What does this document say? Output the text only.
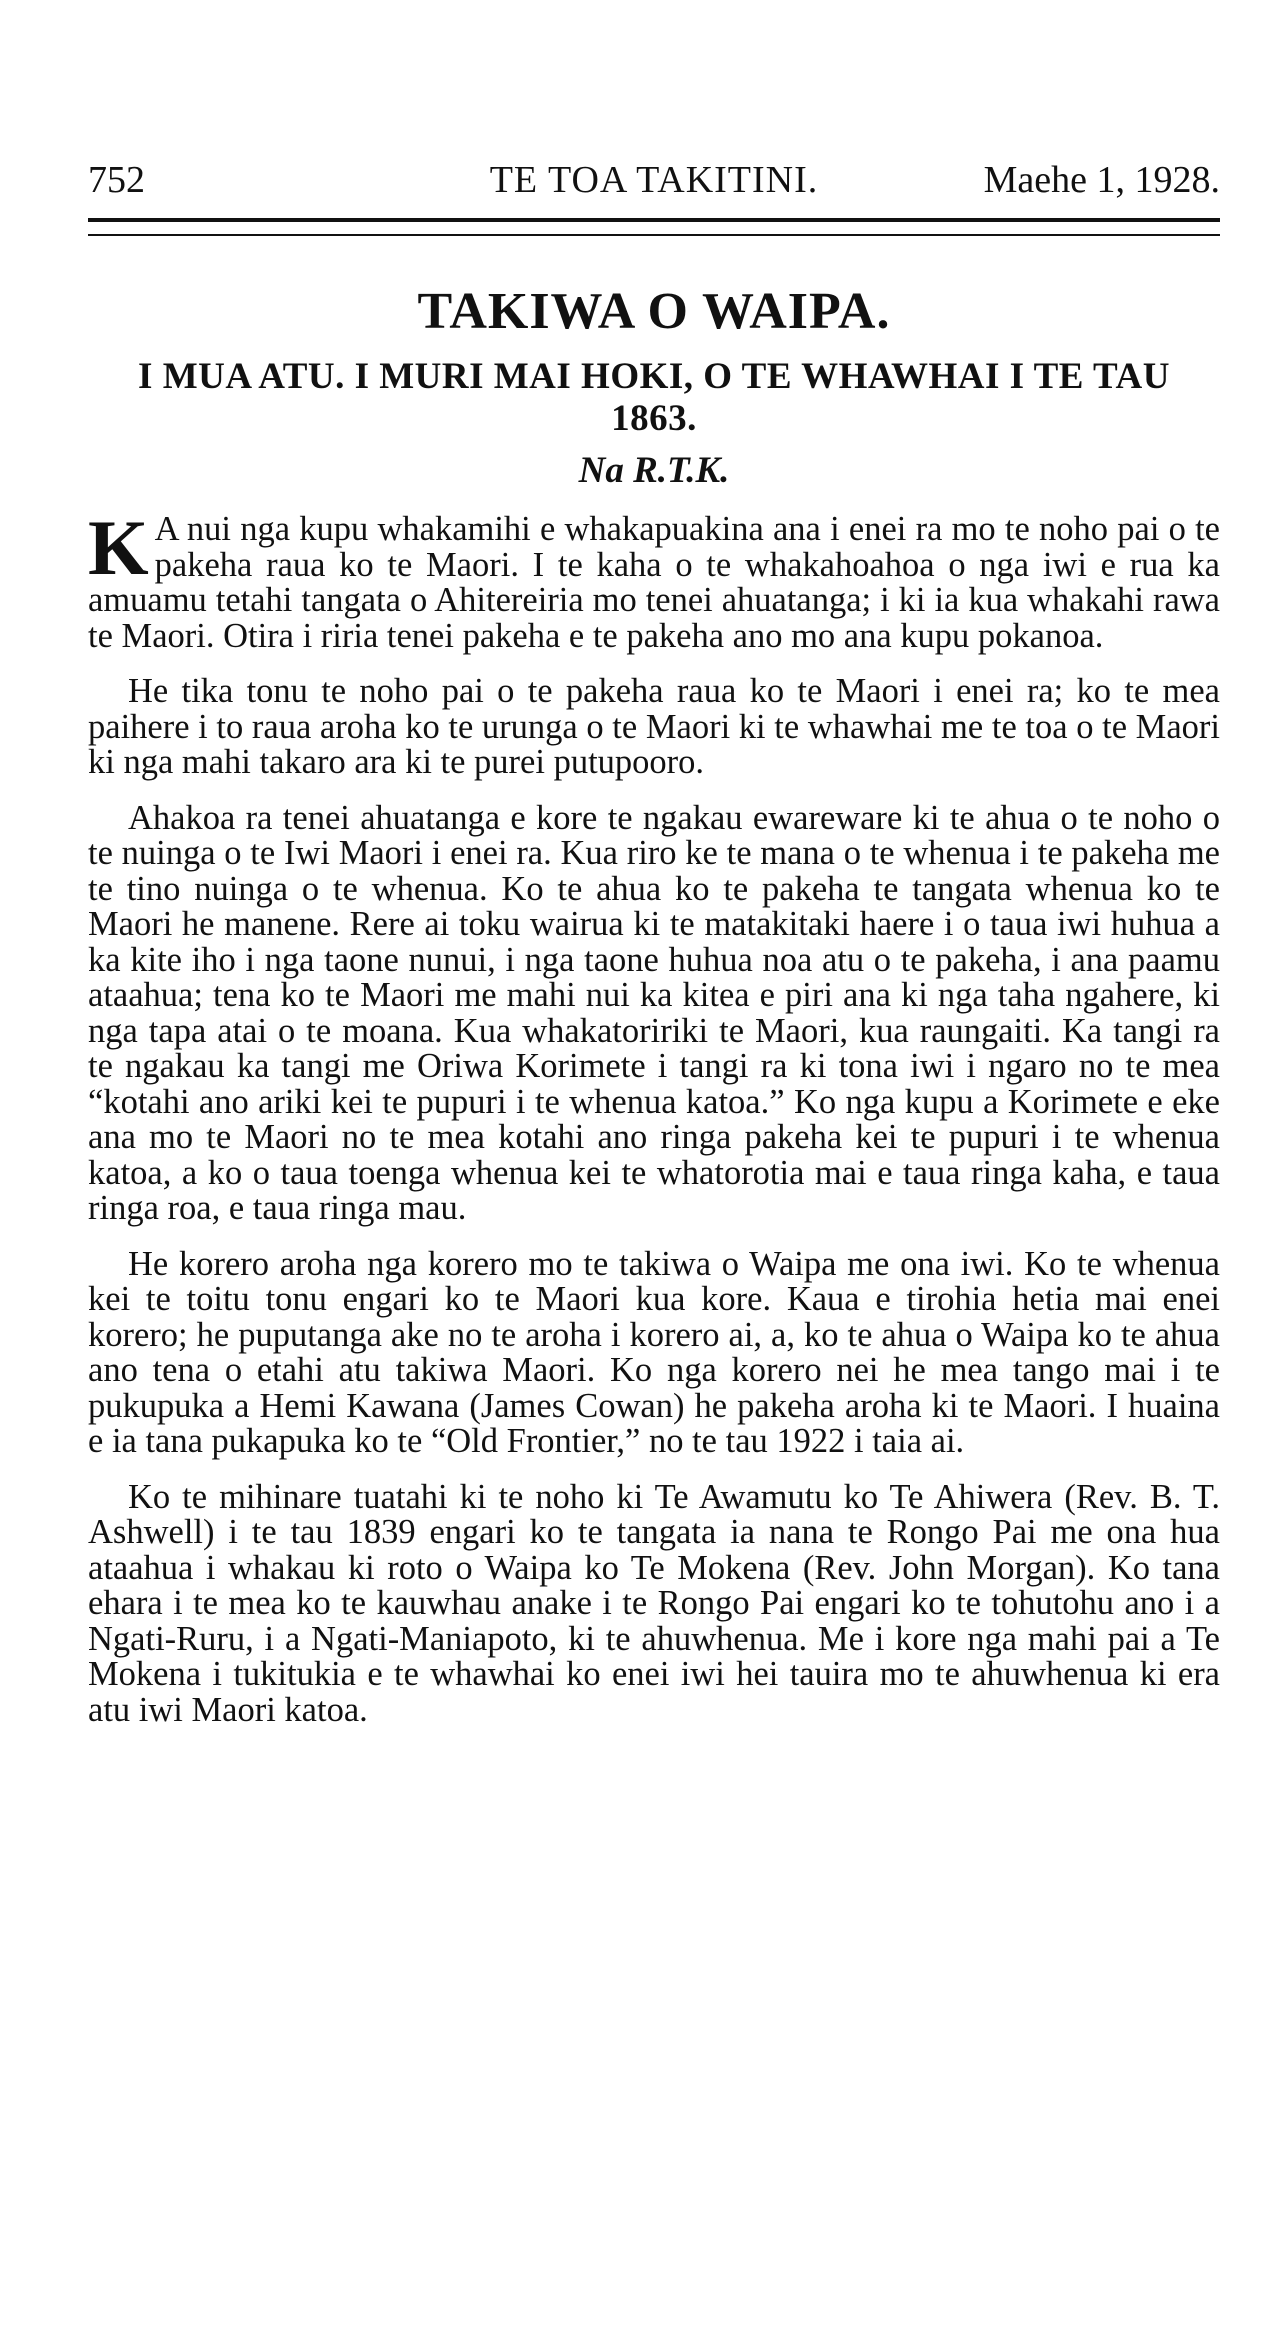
752	TE TOA TAKITINI.	Maehe 1, 1928.
TAKIWA O WAIPA.
I MUA ATU. I MURI MAI HOKI, O TE WHAWHAI I TE TAU 1863.
Na R.T.K.

K A nui nga kupu whakamihi e whakapuakina ana i enei ra mo te noho pai o te pakeha raua ko te Maori. I te kaha o te whakahoahoa o nga iwi e rua ka amuamu tetahi tangata o Ahitereiria mo tenei ahuatanga; i ki ia kua whakahi rawa te Maori. Otira i riria tenei pakeha e te pakeha ano mo ana kupu pokanoa.

He tika tonu te noho pai o te pakeha raua ko te Maori i enei ra; ko te mea paihere i to raua aroha ko te urunga o te Maori ki te whawhai me te toa o te Maori ki nga mahi takaro ara ki te purei putupooro.

Ahakoa ra tenei ahuatanga e kore te ngakau ewareware ki te ahua o te noho o te nuinga o te Iwi Maori i enei ra. Kua riro ke te mana o te whenua i te pakeha me te tino nuinga o te whenua. Ko te ahua ko te pakeha te tangata whenua ko te Maori he manene. Rere ai toku wairua ki te matakitaki haere i o taua iwi huhua a ka kite iho i nga taone nunui, i nga taone huhua noa atu o te pakeha, i ana paamu ataahua; tena ko te Maori me mahi nui ka kitea e piri ana ki nga taha ngahere, ki nga tapa atai o te moana. Kua whakatoririki te Maori, kua raungaiti. Ka tangi ra te ngakau ka tangi me Oriwa Korimete i tangi ra ki tona iwi i ngaro no te mea “kotahi ano ariki kei te pupuri i te whenua katoa.” Ko nga kupu a Korimete e eke ana mo te Maori no te mea kotahi ano ringa pakeha kei te pupuri i te whenua katoa, a ko o taua toenga whenua kei te whatorotia mai e taua ringa kaha, e taua ringa roa, e taua ringa mau.

He korero aroha nga korero mo te takiwa o Waipa me ona iwi. Ko te whenua kei te toitu tonu engari ko te Maori kua kore. Kaua e tirohia hetia mai enei korero; he puputanga ake no te aroha i korero ai, a, ko te ahua o Waipa ko te ahua ano tena o etahi atu takiwa Maori. Ko nga korero nei he mea tango mai i te pukupuka a Hemi Kawana (James Cowan) he pakeha aroha ki te Maori. I huaina e ia tana pukapuka ko te “Old Frontier,” no te tau 1922 i taia ai.

Ko te mihinare tuatahi ki te noho ki Te Awamutu ko Te Ahiwera (Rev. B. T. Ashwell) i te tau 1839 engari ko te tangata ia nana te Rongo Pai me ona hua ataahua i whakau ki roto o Waipa ko Te Mokena (Rev. John Morgan). Ko tana ehara i te mea ko te kauwhau anake i te Rongo Pai engari ko te tohutohu ano i a Ngati-Ruru, i a Ngati-Maniapoto, ki te ahuwhenua. Me i kore nga mahi pai a Te Mokena i tukitukia e te whawhai ko enei iwi hei tauira mo te ahuwhenua ki era atu iwi Maori katoa.
